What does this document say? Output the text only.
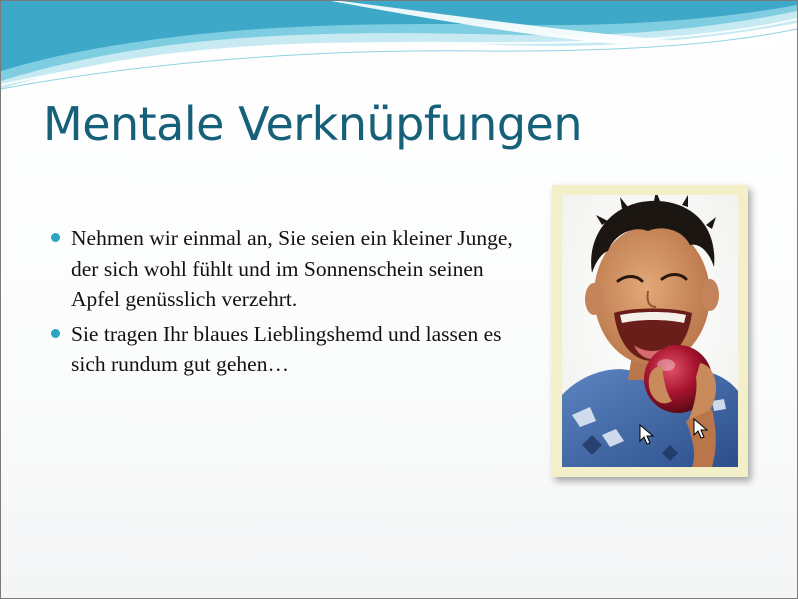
Mentale Verknüpfungen
Nehmen wir einmal an, Sie seien ein kleiner Junge, der sich wohl fühlt und im Sonnenschein seinen Apfel genüsslich verzehrt.
Sie tragen Ihr blaues Lieblingshemd und lassen es sich rundum gut gehen…
